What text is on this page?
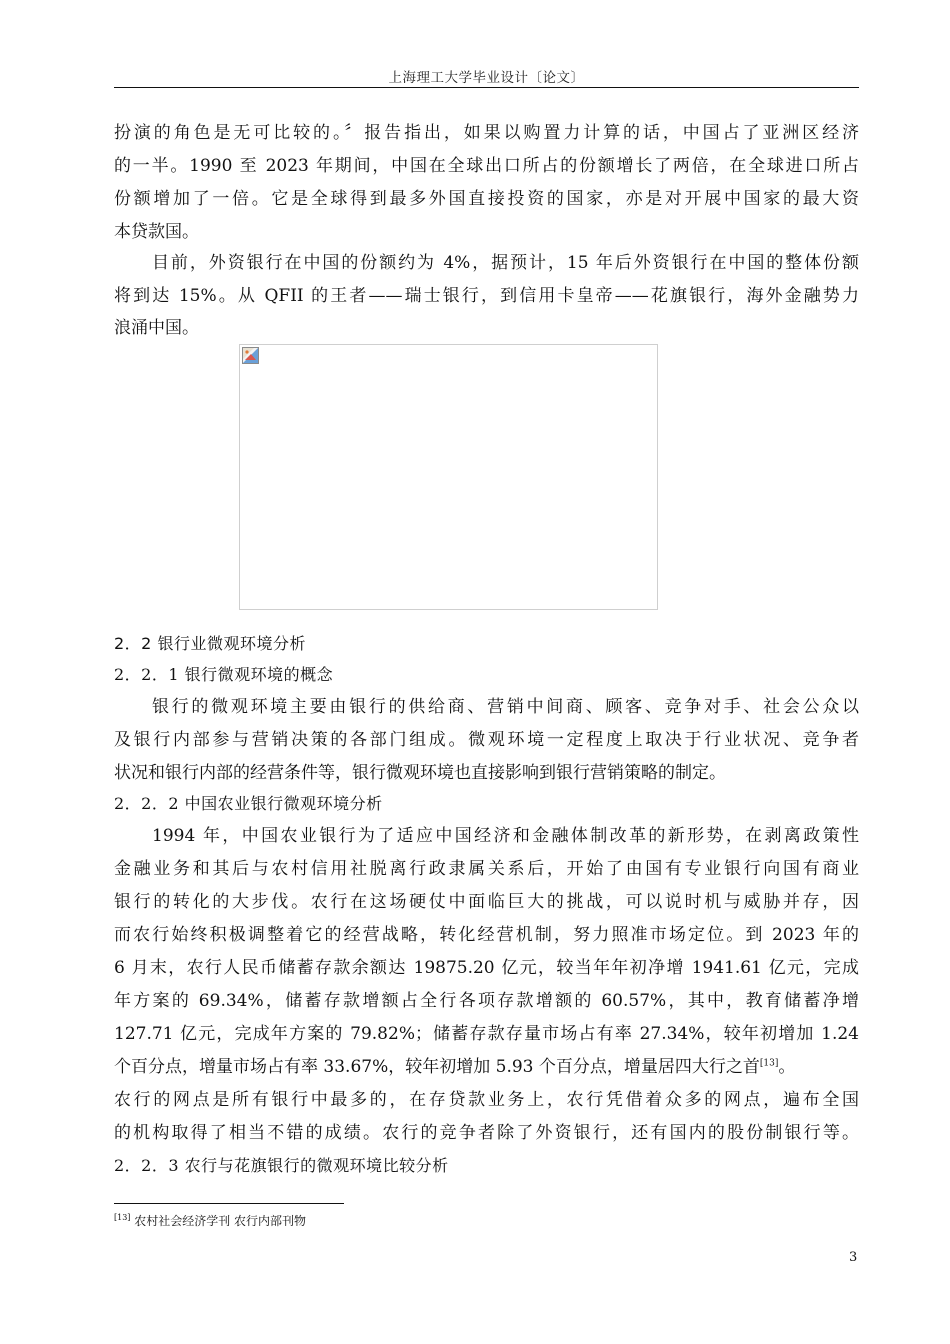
上海理工大学毕业设计〔论文〕
扮演的角色是无可比较的。〞报告指出，如果以购置力计算的话，中国占了亚洲区经济
的一半。1990 至 2023 年期间，中国在全球出口所占的份额增长了两倍，在全球进口所占
份额增加了一倍。它是全球得到最多外国直接投资的国家，亦是对开展中国家的最大资
本贷款国。
目前，外资银行在中国的份额约为 4%，据预计，15 年后外资银行在中国的整体份额
将到达 15%。从 QFII 的王者——瑞士银行，到信用卡皇帝——花旗银行，海外金融势力
浪涌中国。
2．2 银行业微观环境分析
2．2．1 银行微观环境的概念
银行的微观环境主要由银行的供给商、营销中间商、顾客、竞争对手、社会公众以
及银行内部参与营销决策的各部门组成。微观环境一定程度上取决于行业状况、竞争者
状况和银行内部的经营条件等，银行微观环境也直接影响到银行营销策略的制定。
2．2．2 中国农业银行微观环境分析
1994 年，中国农业银行为了适应中国经济和金融体制改革的新形势，在剥离政策性
金融业务和其后与农村信用社脱离行政隶属关系后，开始了由国有专业银行向国有商业
银行的转化的大步伐。农行在这场硬仗中面临巨大的挑战，可以说时机与威胁并存，因
而农行始终积极调整着它的经营战略，转化经营机制，努力照准市场定位。到 2023 年的
6 月末，农行人民币储蓄存款余额达 19875.20 亿元，较当年年初净增 1941.61 亿元，完成
年方案的 69.34%，储蓄存款增额占全行各项存款增额的 60.57%，其中，教育储蓄净增
127.71 亿元，完成年方案的 79.82%；储蓄存款存量市场占有率 27.34%，较年初增加 1.24
个百分点，增量市场占有率 33.67%，较年初增加 5.93 个百分点，增量居四大行之首[13]。
农行的网点是所有银行中最多的，在存贷款业务上，农行凭借着众多的网点，遍布全国
的机构取得了相当不错的成绩。农行的竞争者除了外资银行，还有国内的股份制银行等。
2．2．3 农行与花旗银行的微观环境比较分析
[13] 农村社会经济学刊 农行内部刊物
3
